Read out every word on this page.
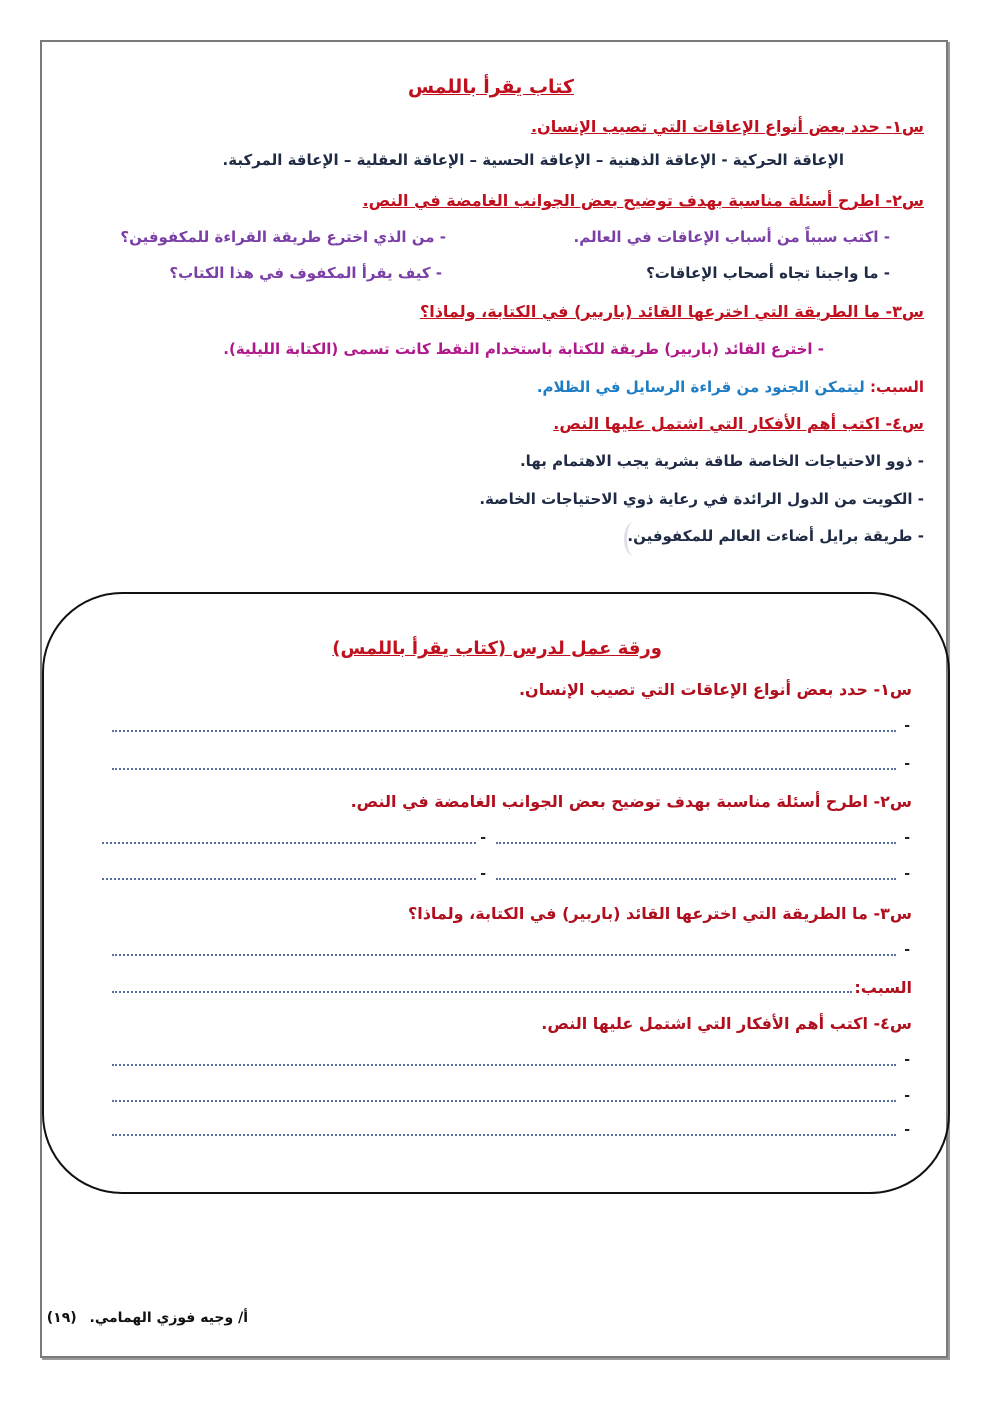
كتاب يقرأ باللمس
س١- حدد بعض أنواع الإعاقات التي تصيب الإنسان.
الإعاقة الحركية - الإعاقة الذهنية – الإعاقة الحسية – الإعاقة العقلية – الإعاقة المركبة.
س٢- اطرح أسئلة مناسبة بهدف توضيح بعض الجوانب الغامضة في النص.
- اكتب سبباً من أسباب الإعاقات في العالم.
- من الذي اخترع طريقة القراءة للمكفوفين؟
- ما واجبنا تجاه أصحاب الإعاقات؟
- كيف يقرأ المكفوف في هذا الكتاب؟
س٣- ما الطريقة التي اخترعها القائد (باربير) في الكتابة، ولماذا؟
- اخترع القائد (باربير) طريقة للكتابة باستخدام النقط كانت تسمى (الكتابة الليلية).
السبب: ليتمكن الجنود من قراءة الرسايل في الظلام.
س٤- اكتب أهم الأفكار التي اشتمل عليها النص.
- ذوو الاحتياجات الخاصة طاقة بشرية يجب الاهتمام بها.
- الكويت من الدول الرائدة في رعاية ذوي الاحتياجات الخاصة.
- طريقة برايل أضاءت العالم للمكفوفين.
ورقة عمل لدرس (كتاب يقرأ باللمس)
س١- حدد بعض أنواع الإعاقات التي تصيب الإنسان.
-
-
س٢- اطرح أسئلة مناسبة بهدف توضيح بعض الجوانب الغامضة في النص.
-
-
-
-
س٣- ما الطريقة التي اخترعها القائد (باربير) في الكتابة، ولماذا؟
-
السبب:
س٤- اكتب أهم الأفكار التي اشتمل عليها النص.
-
-
-
أ/ وجيه فوزي الهمامي. (١٩)
